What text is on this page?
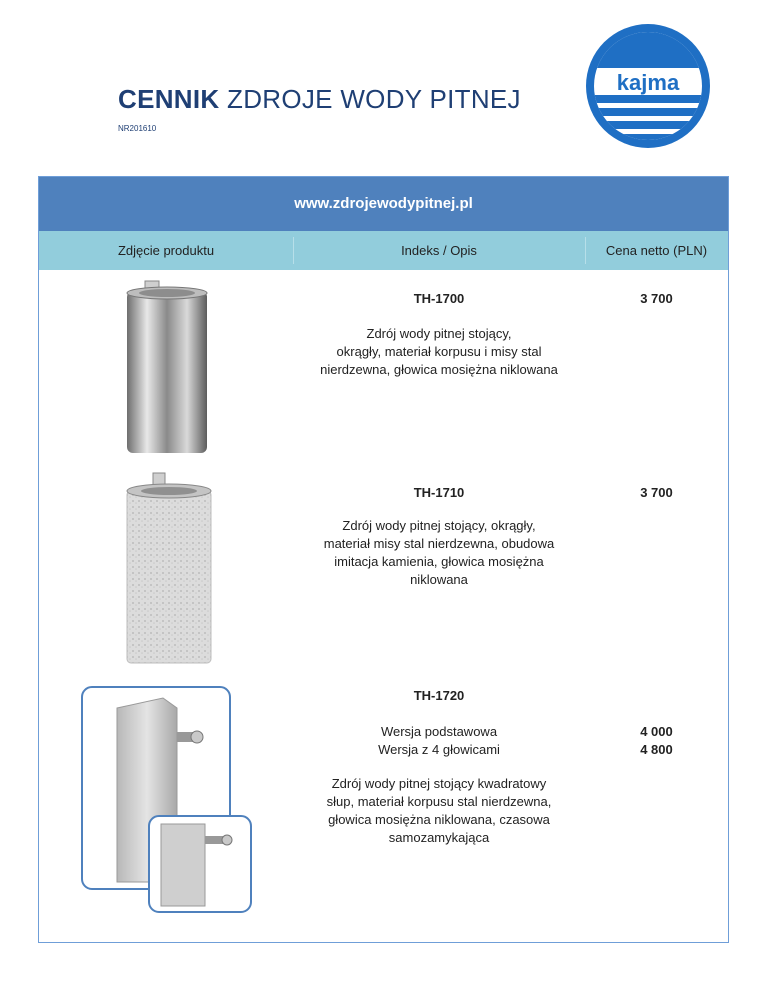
CENNIK ZDROJE WODY PITNEJ
NR201610
kajma
www.zdrojewodypitnej.pl
Zdjęcie produktu	Indeks / Opis	Cena netto (PLN)
TH-1700	3 700
Zdrój wody pitnej stojący,
okrągły, materiał korpusu i misy stal
nierdzewna, głowica mosiężna niklowana
TH-1710	3 700
Zdrój wody pitnej stojący, okrągły,
materiał misy stal nierdzewna, obudowa
imitacja kamienia, głowica mosiężna
niklowana
TH-1720
Wersja podstawowa	4 000
Wersja z 4 głowicami	4 800
Zdrój wody pitnej stojący kwadratowy
słup, materiał korpusu stal nierdzewna,
głowica mosiężna niklowana, czasowa
samozamykająca
